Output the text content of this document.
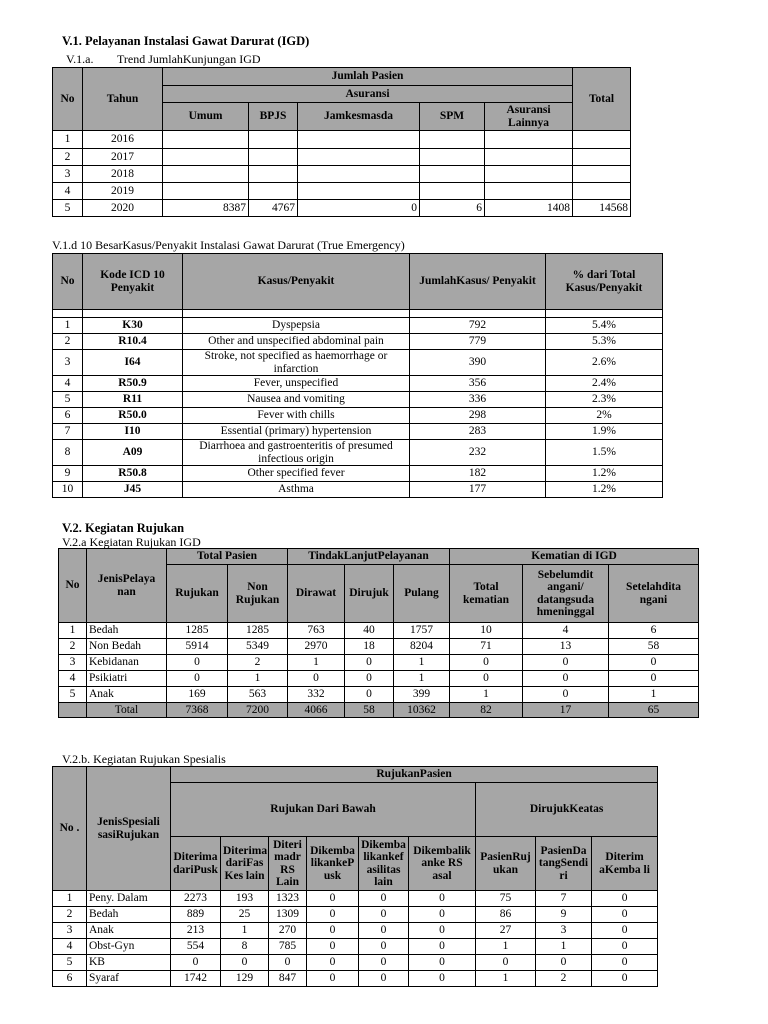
V.1. Pelayanan Instalasi Gawat Darurat (IGD)
V.1.a. Trend JumlahKunjungan IGD
No	Tahun	Jumlah Pasien					Total
		Asuransi					
		Umum	BPJS	Jamkesmasda	SPM	Asuransi Lainnya	
1	2016						
2	2017						
3	2018						
4	2019						
5	2020	8387	4767	0	6	1408	14568
V.1.d 10 BesarKasus/Penyakit Instalasi Gawat Darurat (True Emergency)
No	Kode ICD 10 Penyakit	Kasus/Penyakit	JumlahKasus/ Penyakit	% dari Total Kasus/Penyakit

1	K30	Dyspepsia	792	5.4%
2	R10.4	Other and unspecified abdominal pain	779	5.3%
3	I64	Stroke, not specified as haemorrhage or infarction	390	2.6%
4	R50.9	Fever, unspecified	356	2.4%
5	R11	Nausea and vomiting	336	2.3%
6	R50.0	Fever with chills	298	2%
7	I10	Essential (primary) hypertension	283	1.9%
8	A09	Diarrhoea and gastroenteritis of presumed infectious origin	232	1.5%
9	R50.8	Other specified fever	182	1.2%
10	J45	Asthma	177	1.2%
V.2. Kegiatan Rujukan
V.2.a Kegiatan Rujukan IGD
No	JenisPelaya nan	Total Pasien		TindakLanjutPelayanan			Kematian di IGD		
		Rujukan	Non Rujukan	Dirawat	Dirujuk	Pulang	Total kematian	Sebelumdit angani/ datangsuda hmeninggal	Setelahdita ngani
1	Bedah	1285	1285	763	40	1757	10	4	6
2	Non Bedah	5914	5349	2970	18	8204	71	13	58
3	Kebidanan	0	2	1	0	1	0	0	0
4	Psikiatri	0	1	0	0	1	0	0	0
5	Anak	169	563	332	0	399	1	0	1
	Total	7368	7200	4066	58	10362	82	17	65
V.2.b. Kegiatan Rujukan Spesialis
No .	JenisSpesiali sasiRujukan	RujukanPasien								
		Rujukan Dari Bawah						DirujukKeatas		
		Diterima dariPusk	Diterima dariFas Kes lain	Diteri madr RS Lain	Dikemba likankeP usk	Dikemba likankef asilitas lain	Dikembalik anke RS asal	PasienRuj ukan	PasienDa tangSendi ri	Diterim aKemba li
1	Peny. Dalam	2273	193	1323	0	0	0	75	7	0
2	Bedah	889	25	1309	0	0	0	86	9	0
3	Anak	213	1	270	0	0	0	27	3	0
4	Obst-Gyn	554	8	785	0	0	0	1	1	0
5	KB	0	0	0	0	0	0	0	0	0
6	Syaraf	1742	129	847	0	0	0	1	2	0
